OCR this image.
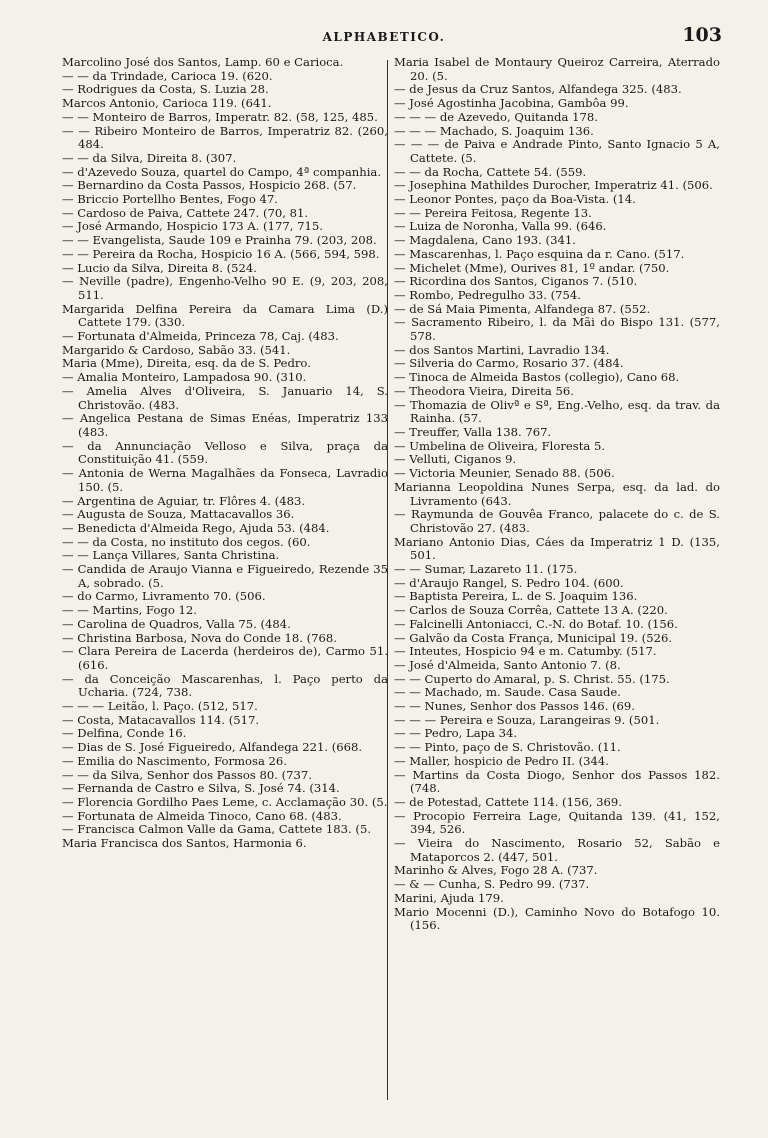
ALPHABETICO.	103

Marcolino José dos Santos, Lamp. 60 e Carioca.

— — da Trindade, Carioca 19. (620.

— Rodrigues da Costa, S. Luzia 28.

Marcos Antonio, Carioca 119. (641.

— — Monteiro de Barros, Imperatr. 82. (58, 125, 485.

— — Ribeiro Monteiro de Barros, Imperatriz 82. (260, 484.

— — da Silva, Direita 8. (307.

— d'Azevedo Souza, quartel do Campo, 4ª companhia.

— Bernardino da Costa Passos, Hospicio 268. (57.

— Briccio Portellho Bentes, Fogo 47.

— Cardoso de Paiva, Cattete 247. (70, 81.

— José Armando, Hospicio 173 A. (177, 715.

— — Evangelista, Saude 109 e Prainha 79. (203, 208.

— — Pereira da Rocha, Hospicio 16 A. (566, 594, 598.

— Lucio da Silva, Direita 8. (524.

— Neville (padre), Engenho-Velho 90 E. (9, 203, 208, 511.

Margarida Delfina Pereira da Camara Lima (D.) Cattete 179. (330.

— Fortunata d'Almeida, Princeza 78, Caj. (483.

Margarido & Cardoso, Sabão 33. (541.

Maria (Mme), Direita, esq. da de S. Pedro.

— Amalia Monteiro, Lampadosa 90. (310.

— Amelia Alves d'Oliveira, S. Januario 14, S. Christovão. (483.

— Angelica Pestana de Simas Enéas, Imperatriz 133 (483.

— da Annunciação Velloso e Silva, praça da Constituição 41. (559.

— Antonia de Werna Magalhães da Fonseca, Lavradio 150. (5.

— Argentina de Aguiar, tr. Flôres 4. (483.

— Augusta de Souza, Mattacavallos 36.

— Benedicta d'Almeida Rego, Ajuda 53. (484.

— — da Costa, no instituto dos cegos. (60.

— — Lança Villares, Santa Christina.

— Candida de Araujo Vianna e Figueiredo, Rezende 35 A, sobrado. (5.

— do Carmo, Livramento 70. (506.

— — Martins, Fogo 12.

— Carolina de Quadros, Valla 75. (484.

— Christina Barbosa, Nova do Conde 18. (768.

— Clara Pereira de Lacerda (herdeiros de), Carmo 51. (616.

— da Conceição Mascarenhas, l. Paço perto da Ucharia. (724, 738.

— — — Leitão, l. Paço. (512, 517.

— Costa, Matacavallos 114. (517.

— Delfina, Conde 16.

— Dias de S. José Figueiredo, Alfandega 221. (668.

— Emilia do Nascimento, Formosa 26.

— — da Silva, Senhor dos Passos 80. (737.

— Fernanda de Castro e Silva, S. José 74. (314.

— Florencia Gordilho Paes Leme, c. Acclamação 30. (5.

— Fortunata de Almeida Tinoco, Cano 68. (483.

— Francisca Calmon Valle da Gama, Cattete 183. (5.

Maria Francisca dos Santos, Harmonia 6.

Maria Isabel de Montaury Queiroz Carreira, Aterrado 20. (5.

— de Jesus da Cruz Santos, Alfandega 325. (483.

— José Agostinha Jacobina, Gambôa 99.

— — — de Azevedo, Quitanda 178.

— — — Machado, S. Joaquim 136.

— — — de Paiva e Andrade Pinto, Santo Ignacio 5 A, Cattete. (5.

— — da Rocha, Cattete 54. (559.

— Josephina Mathildes Durocher, Imperatriz 41. (506.

— Leonor Pontes, paço da Boa-Vista. (14.

— — Pereira Feitosa, Regente 13.

— Luiza de Noronha, Valla 99. (646.

— Magdalena, Cano 193. (341.

— Mascarenhas, l. Paço esquina da r. Cano. (517.

— Michelet (Mme), Ourives 81, 1º andar. (750.

— Ricordina dos Santos, Ciganos 7. (510.

— Rombo, Pedregulho 33. (754.

— de Sá Maia Pimenta, Alfandega 87. (552.

— Sacramento Ribeiro, l. da Mãi do Bispo 131. (577, 578.

— dos Santos Martini, Lavradio 134.

— Silveria do Carmo, Rosario 37. (484.

— Tinoca de Almeida Bastos (collegio), Cano 68.

— Theodora Vieira, Direita 56.

— Thomazia de Olivª e Sª, Eng.-Velho, esq. da trav. da Rainha. (57.

— Treuffer, Valla 138. 767.

— Umbelina de Oliveira, Floresta 5.

— Velluti, Ciganos 9.

— Victoria Meunier, Senado 88. (506.

Marianna Leopoldina Nunes Serpa, esq. da lad. do Livramento (643.

— Raymunda de Gouvêa Franco, palacete do c. de S. Christovão 27. (483.

Mariano Antonio Dias, Cáes da Imperatriz 1 D. (135, 501.

— — Sumar, Lazareto 11. (175.

— d'Araujo Rangel, S. Pedro 104. (600.

— Baptista Pereira, L. de S. Joaquim 136.

— Carlos de Souza Corrêa, Cattete 13 A. (220.

— Falcinelli Antoniacci, C.-N. do Botaf. 10. (156.

— Galvão da Costa França, Municipal 19. (526.

— Inteutes, Hospicio 94 e m. Catumby. (517.

— José d'Almeida, Santo Antonio 7. (8.

— — Cuperto do Amaral, p. S. Christ. 55. (175.

— — Machado, m. Saude. Casa Saude.

— — Nunes, Senhor dos Passos 146. (69.

— — — Pereira e Souza, Larangeiras 9. (501.

— — Pedro, Lapa 34.

— — Pinto, paço de S. Christovão. (11.

— Maller, hospicio de Pedro II. (344.

— Martins da Costa Diogo, Senhor dos Passos 182. (748.

— de Potestad, Cattete 114. (156, 369.

— Procopio Ferreira Lage, Quitanda 139. (41, 152, 394, 526.

— Vieira do Nascimento, Rosario 52, Sabão e Mataporcos 2. (447, 501.

Marinho & Alves, Fogo 28 A. (737.

— & — Cunha, S. Pedro 99. (737.

Marini, Ajuda 179.

Mario Mocenni (D.), Caminho Novo do Botafogo 10. (156.
